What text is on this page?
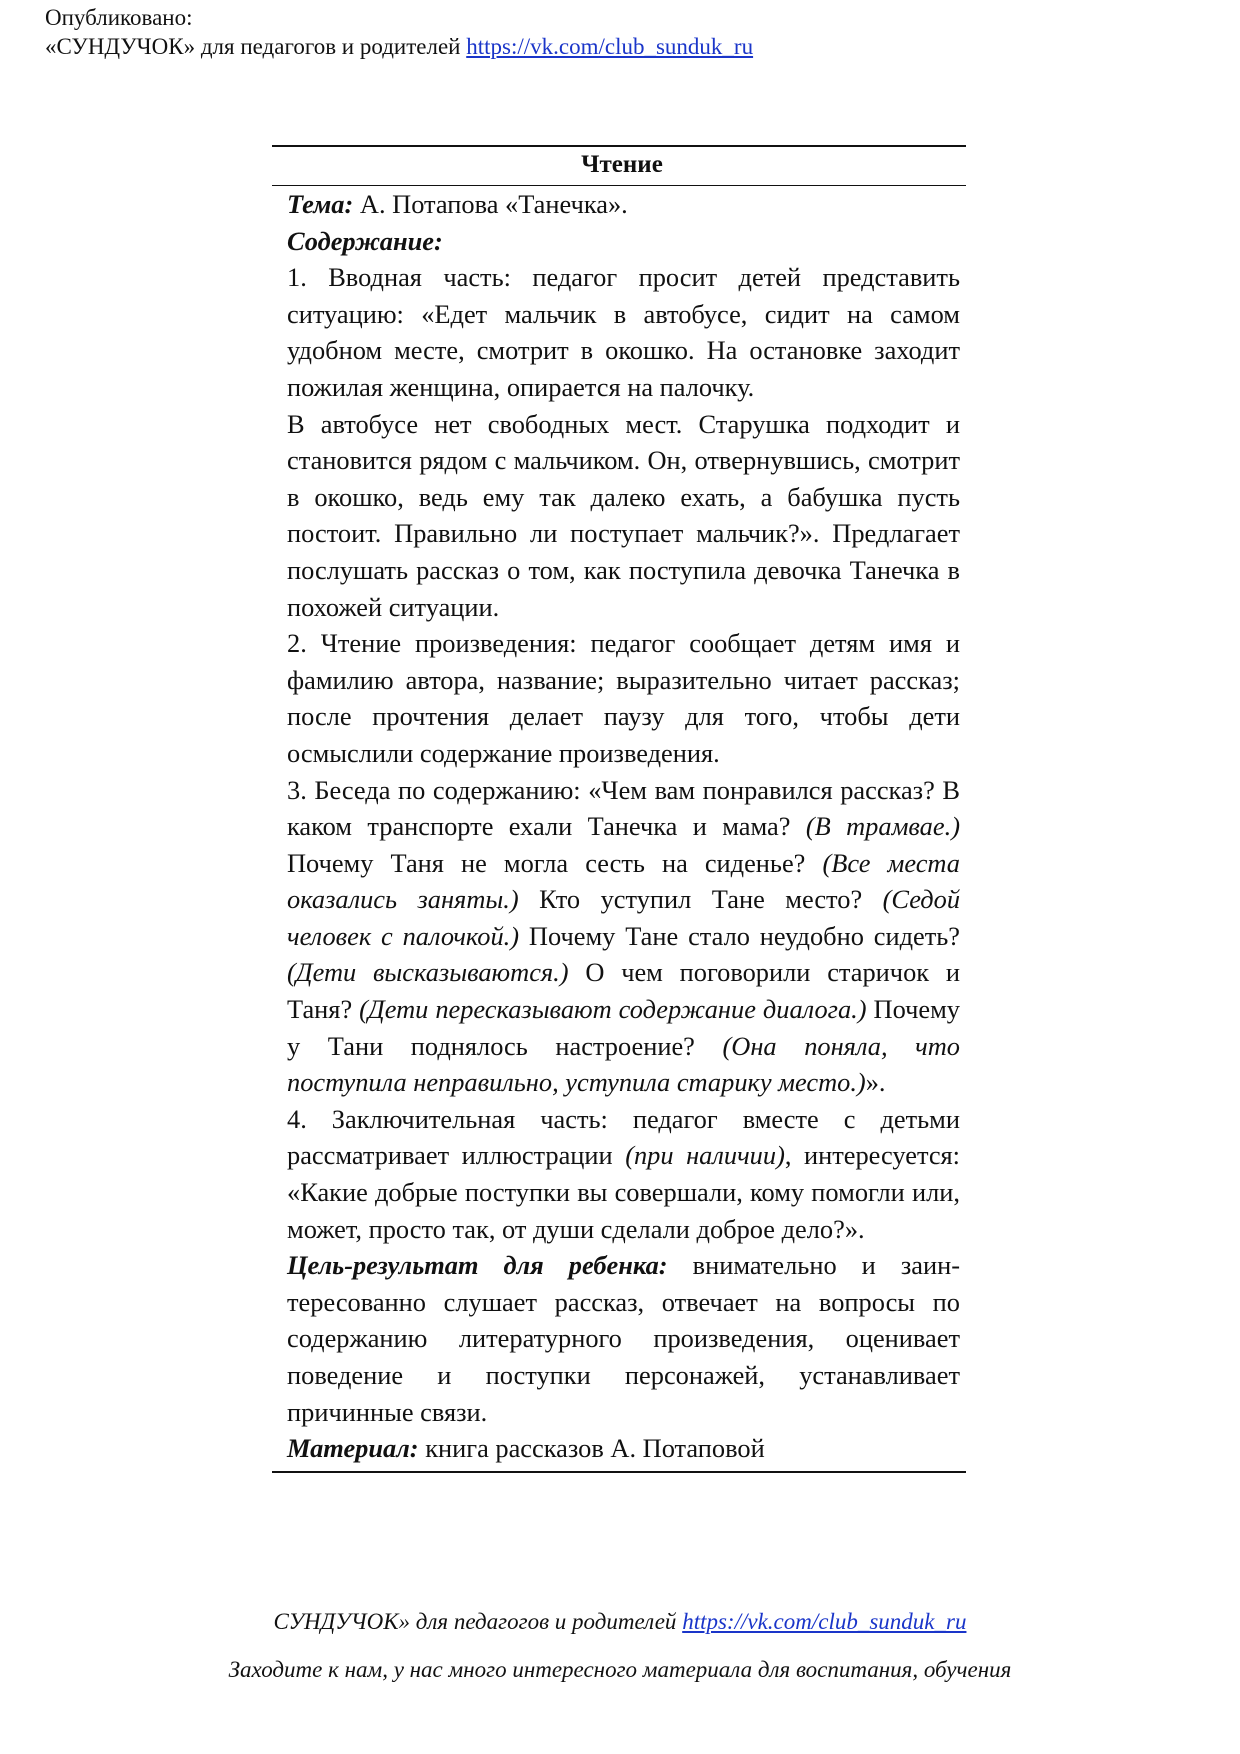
Опубликовано:
«СУНДУЧОК» для педагогов и родителей https://vk.com/club_sunduk_ru
Чтение

Тема: А. Потапова «Танечка».

Содержание:

1. Вводная часть: педагог просит детей представить ситуацию: «Едет мальчик в автобусе, сидит на самом удобном месте, смотрит в окошко. На остановке заходит пожилая женщина, опирается на палочку.

В автобусе нет свободных мест. Старушка подходит и становится рядом с мальчиком. Он, отвернувшись, смотрит в окошко, ведь ему так далеко ехать, а бабушка пусть постоит. Правильно ли поступает мальчик?». Предлагает послушать рассказ о том, как поступила девочка Танечка в похожей ситуации.

2. Чтение произведения: педагог сообщает детям имя и фамилию автора, название; выразительно читает рассказ; после прочтения делает паузу для того, чтобы дети осмыслили содержание произведения.

3. Беседа по содержанию: «Чем вам понравился рассказ? В каком транспорте ехали Танечка и мама? (В трамвае.) Почему Таня не могла сесть на сиденье? (Все места оказались заняты.) Кто уступил Тане место? (Седой человек с палочкой.) Почему Тане стало неудобно сидеть? (Дети высказываются.) О чем поговорили старичок и Таня? (Дети пересказывают содержание диалога.) Почему у Тани поднялось настроение? (Она поняла, что поступила неправильно, уступила старику место.)».

4. Заключительная часть: педагог вместе с детьми рассматривает иллюстрации (при наличии), интересуется: «Какие добрые поступки вы совершали, кому помогли или, может, просто так, от души сделали доброе дело?».

Цель-результат для ребенка: внимательно и заинтересованно слушает рассказ, отвечает на вопросы по содержанию литературного произведения, оценивает поведение и поступки персонажей, устанавливает причинные связи.

Материал: книга рассказов А. Потаповой

СУНДУЧОК» для педагогов и родителей https://vk.com/club_sunduk_ru
Заходите к нам, у нас много интересного материала для воспитания, обучения
